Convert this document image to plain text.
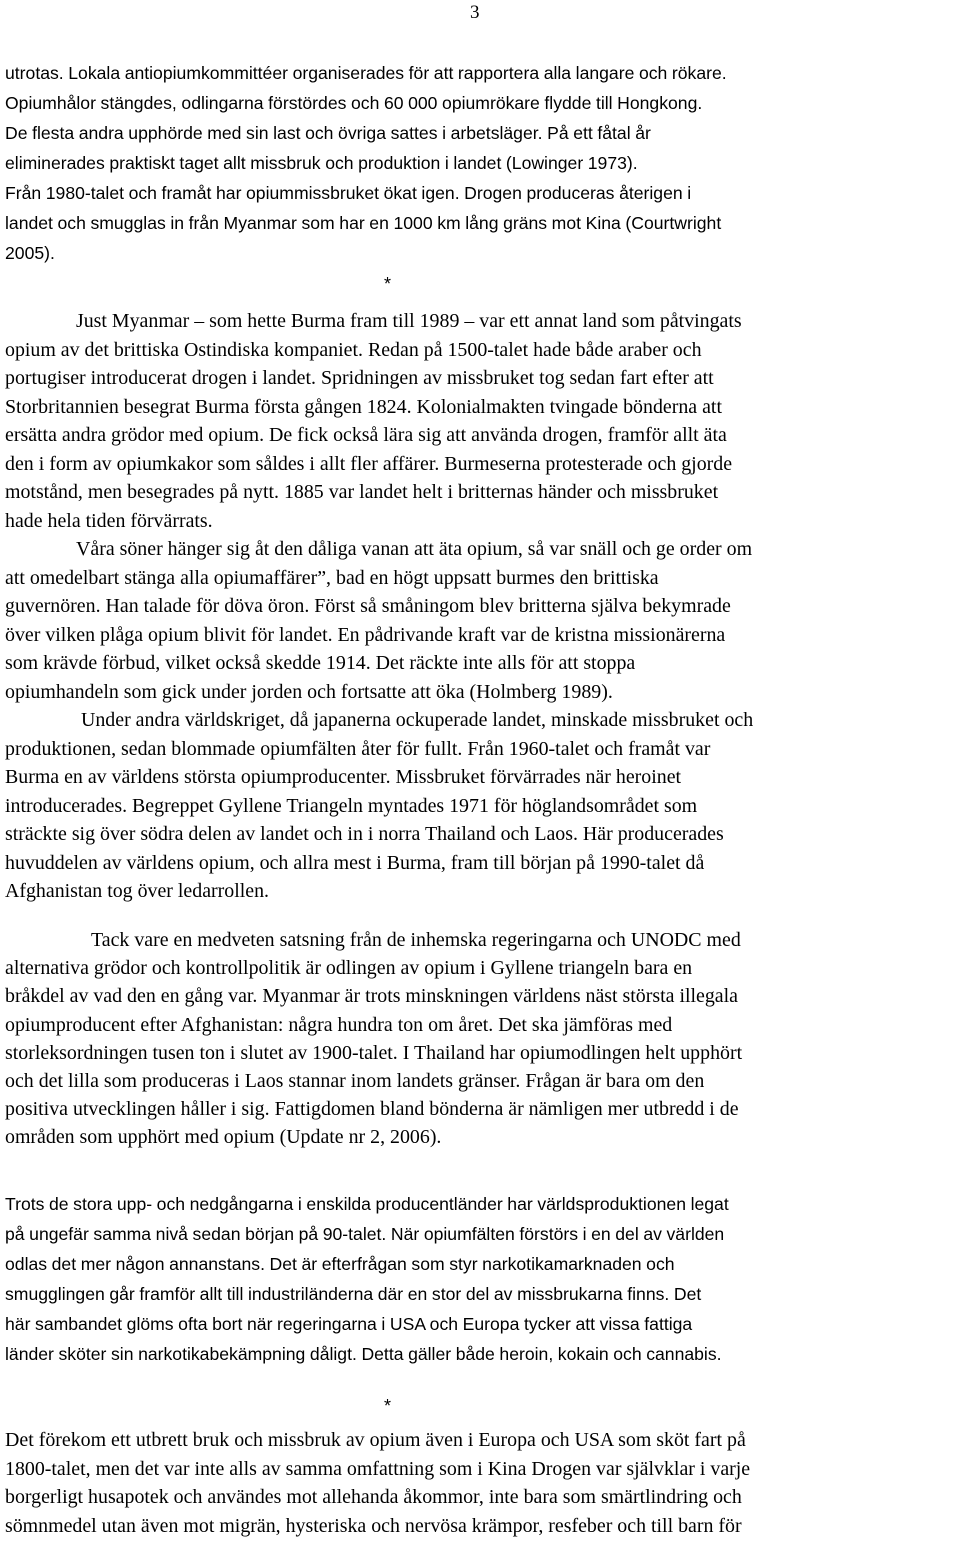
3
utrotas. Lokala antiopiumkommittéer organiserades för att rapportera alla langare och rökare.
Opiumhålor stängdes, odlingarna förstördes och 60 000 opiumrökare flydde till Hongkong.
De flesta andra upphörde med sin last och övriga sattes i arbetsläger. På ett fåtal år
eliminerades praktiskt taget allt missbruk och produktion i landet (Lowinger 1973).
Från 1980-talet och framåt har opiummissbruket ökat igen. Drogen produceras återigen i
landet och smugglas in från Myanmar som har en 1000 km lång gräns mot Kina (Courtwright
2005).
*
Just Myanmar – som hette Burma fram till 1989 – var ett annat land som påtvingats
opium av det brittiska Ostindiska kompaniet. Redan på 1500-talet hade både araber och
portugiser introducerat drogen i landet. Spridningen av missbruket tog sedan fart efter att
Storbritannien besegrat Burma första gången 1824. Kolonialmakten tvingade bönderna att
ersätta andra grödor med opium. De fick också lära sig att använda drogen, framför allt äta
den i form av opiumkakor som såldes i allt fler affärer. Burmeserna protesterade och gjorde
motstånd, men besegrades på nytt. 1885 var landet helt i britternas händer och missbruket
hade hela tiden förvärrats.
Våra söner hänger sig åt den dåliga vanan att äta opium, så var snäll och ge order om
att omedelbart stänga alla opiumaffärer”, bad en högt uppsatt burmes den brittiska
guvernören. Han talade för döva öron. Först så småningom blev britterna själva bekymrade
över vilken plåga opium blivit för landet. En pådrivande kraft var de kristna missionärerna
som krävde förbud, vilket också skedde 1914. Det räckte inte alls för att stoppa
opiumhandeln som gick under jorden och fortsatte att öka (Holmberg 1989).
Under andra världskriget, då japanerna ockuperade landet, minskade missbruket och
produktionen, sedan blommade opiumfälten åter för fullt. Från 1960-talet och framåt var
Burma en av världens största opiumproducenter. Missbruket förvärrades när heroinet
introducerades. Begreppet Gyllene Triangeln myntades 1971 för höglandsområdet som
sträckte sig över södra delen av landet och in i norra Thailand och Laos. Här producerades
huvuddelen av världens opium, och allra mest i Burma, fram till början på 1990-talet då
Afghanistan tog över ledarrollen.
Tack vare en medveten satsning från de inhemska regeringarna och UNODC med
alternativa grödor och kontrollpolitik är odlingen av opium i Gyllene triangeln bara en
bråkdel av vad den en gång var. Myanmar är trots minskningen världens näst största illegala
opiumproducent efter Afghanistan: några hundra ton om året. Det ska jämföras med
storleksordningen tusen ton i slutet av 1900-talet. I Thailand har opiumodlingen helt upphört
och det lilla som produceras i Laos stannar inom landets gränser. Frågan är bara om den
positiva utvecklingen håller i sig. Fattigdomen bland bönderna är nämligen mer utbredd i de
områden som upphört med opium (Update nr 2, 2006).
Trots de stora upp- och nedgångarna i enskilda producentländer har världsproduktionen legat
på ungefär samma nivå sedan början på 90-talet. När opiumfälten förstörs i en del av världen
odlas det mer någon annanstans. Det är efterfrågan som styr narkotikamarknaden och
smugglingen går framför allt till industriländerna där en stor del av missbrukarna finns. Det
här sambandet glöms ofta bort när regeringarna i USA och Europa tycker att vissa fattiga
länder sköter sin narkotikabekämpning dåligt. Detta gäller både heroin, kokain och cannabis.
*
Det förekom ett utbrett bruk och missbruk av opium även i Europa och USA som sköt fart på
1800-talet, men det var inte alls av samma omfattning som i Kina Drogen var självklar i varje
borgerligt husapotek och användes mot allehanda åkommor, inte bara som smärtlindring och
sömnmedel utan även mot migrän, hysteriska och nervösa krämpor, resfeber och till barn för
